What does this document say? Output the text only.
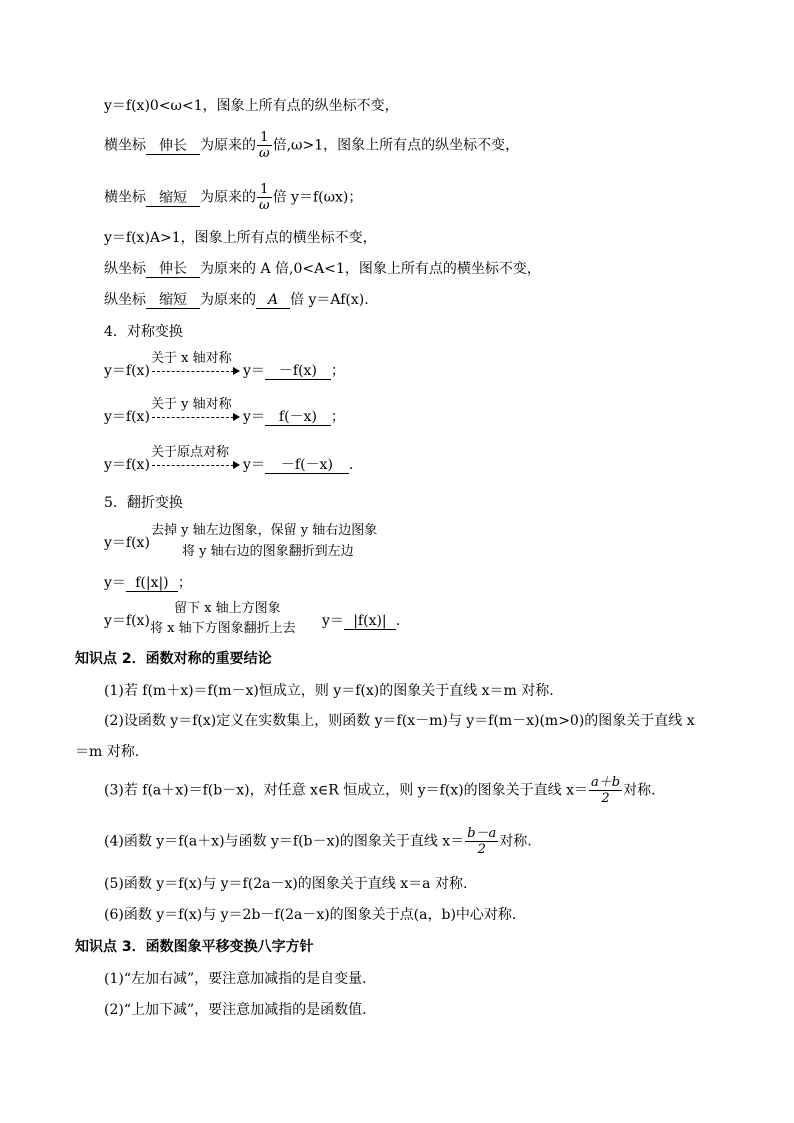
y＝f(x)0<ω<1，图象上所有点的纵坐标不变，
横坐标 伸长 为原来的 $\frac{1}{\omega}$ 倍,ω>1，图象上所有点的纵坐标不变，
横坐标 缩短 为原来的 $\frac{1}{\omega}$ 倍 y＝f(ωx)；
y＝f(x)A>1，图象上所有点的横坐标不变，
纵坐标 伸长 为原来的 A 倍,0<A<1，图象上所有点的横坐标不变，
纵坐标 缩短 为原来的 A 倍 y＝Af(x).
4．对称变换
y＝f(x)
关于 x 轴对称
y＝ －f(x) ；
y＝f(x)
关于 y 轴对称
y＝ f(－x) ；
y＝f(x)
关于原点对称
y＝ －f(－x) .
5．翻折变换
y＝f(x)
去掉 y 轴左边图象，保留 y 轴右边图象
将 y 轴右边的图象翻折到左边
y＝ f(|x|) ；
y＝f(x)
留下 x 轴上方图象
将 x 轴下方图象翻折上去 y＝ |f(x)| .
知识点 2．函数对称的重要结论
(1)若 f(m＋x)＝f(m－x)恒成立，则 y＝f(x)的图象关于直线 x＝m 对称.
(2)设函数 y＝f(x)定义在实数集上，则函数 y＝f(x－m)与 y＝f(m－x)(m>0)的图象关于直线 x
＝m 对称.
(3)若 f(a＋x)＝f(b－x)，对任意 x∈R 恒成立，则 y＝f(x)的图象关于直线 $x= \frac{a+b}{2}$ 对称.
(4)函数 y＝f(a＋x)与函数 y＝f(b－x)的图象关于直线 $x= \frac{b-a}{2}$ 对称.
(5)函数 y＝f(x)与 y＝f(2a－x)的图象关于直线 x＝a 对称.
(6)函数 y＝f(x)与 y＝2b－f(2a－x)的图象关于点(a，b)中心对称.
知识点 3．函数图象平移变换八字方针
(1)“左加右减”，要注意加减指的是自变量.
(2)“上加下减”，要注意加减指的是函数值.
